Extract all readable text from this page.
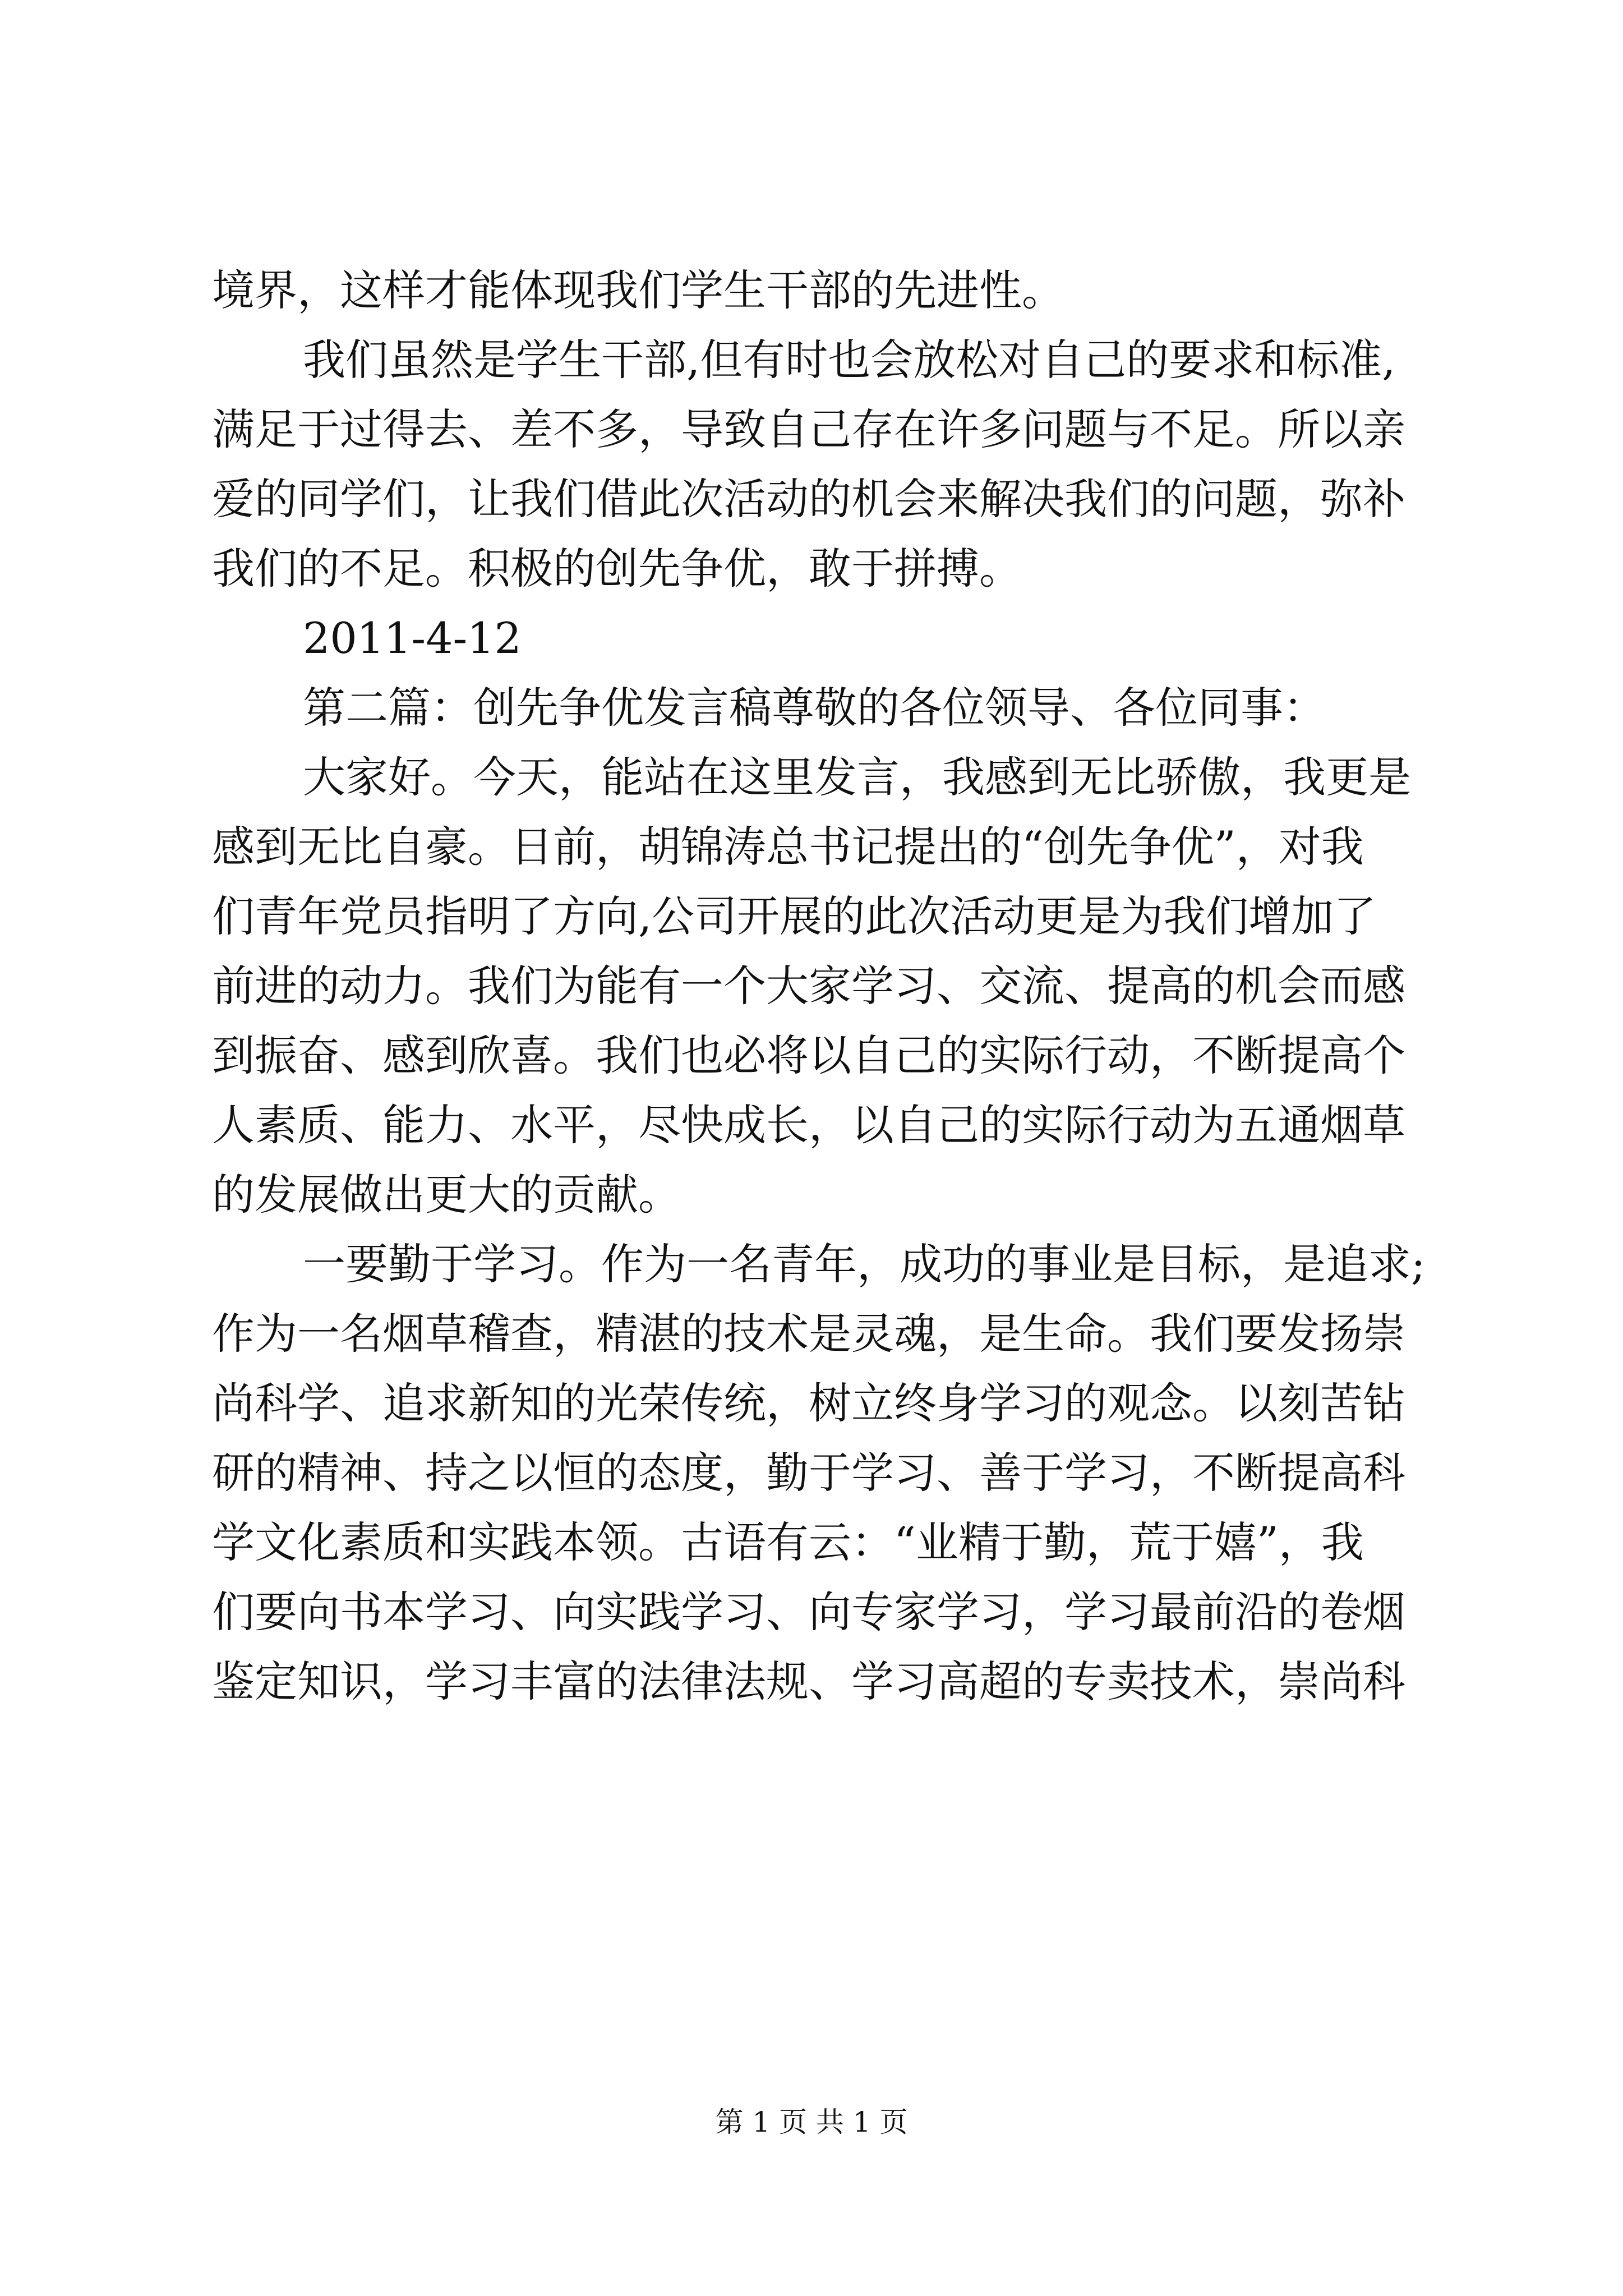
境界，这样才能体现我们学生干部的先进性。
我们虽然是学生干部,但有时也会放松对自己的要求和标准,
满足于过得去、差不多，导致自己存在许多问题与不足。所以亲
爱的同学们，让我们借此次活动的机会来解决我们的问题，弥补
我们的不足。积极的创先争优，敢于拼搏。
2011-4-12
第二篇：创先争优发言稿尊敬的各位领导、各位同事：
大家好。今天，能站在这里发言，我感到无比骄傲，我更是
感到无比自豪。日前，胡锦涛总书记提出的“创先争优”，对我
们青年党员指明了方向,公司开展的此次活动更是为我们增加了
前进的动力。我们为能有一个大家学习、交流、提高的机会而感
到振奋、感到欣喜。我们也必将以自己的实际行动，不断提高个
人素质、能力、水平，尽快成长，以自己的实际行动为五通烟草
的发展做出更大的贡献。
一要勤于学习。作为一名青年，成功的事业是目标，是追求;
作为一名烟草稽查，精湛的技术是灵魂，是生命。我们要发扬崇
尚科学、追求新知的光荣传统，树立终身学习的观念。以刻苦钻
研的精神、持之以恒的态度，勤于学习、善于学习，不断提高科
学文化素质和实践本领。古语有云：“业精于勤，荒于嬉”，我
们要向书本学习、向实践学习、向专家学习，学习最前沿的卷烟
鉴定知识，学习丰富的法律法规、学习高超的专卖技术，崇尚科
第 1 页 共 1 页
